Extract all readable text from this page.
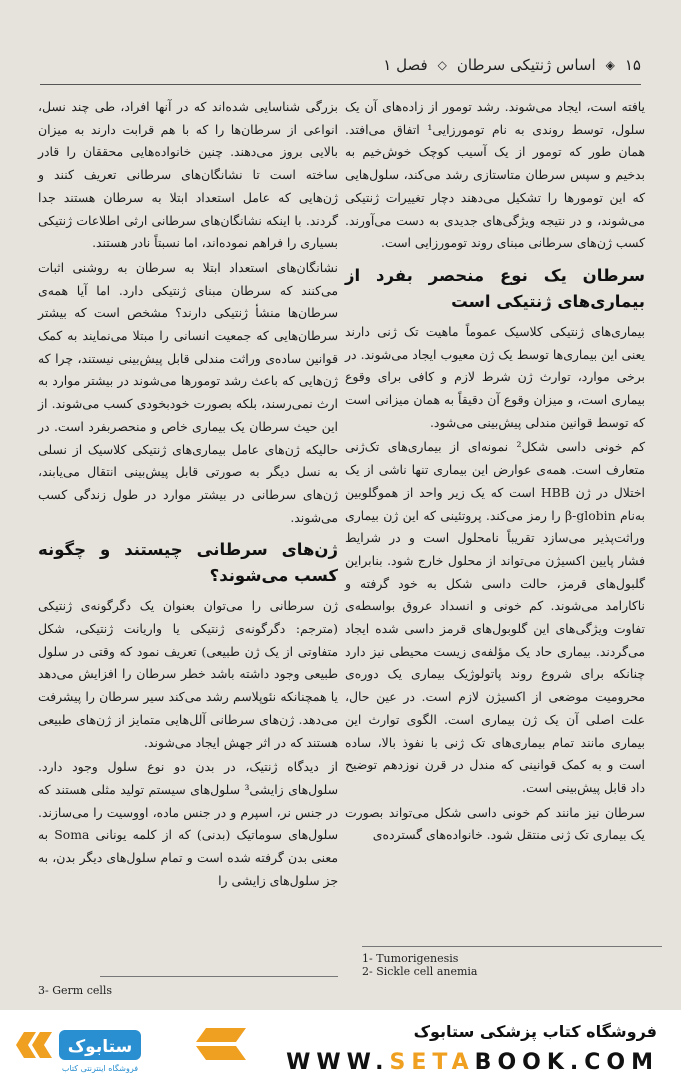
۱۵
◈
اساس ژنتیکی سرطان
◇
فصل ۱

یافته است، ایجاد می‌شوند. رشد تومور از زاده‌های آن یک سلول، توسط روندی به نام تومورزایی¹ اتفاق می‌افتد. همان طور که تومور از یک آسیب کوچک خوش‌خیم به بدخیم و سپس سرطان متاستازی رشد می‌کند، سلول‌هایی که این تومورها را تشکیل می‌دهند دچار تغییرات ژنتیکی می‌شوند، و در نتیجه ویژگی‌های جدیدی به دست می‌آورند. کسب ژن‌های سرطانی مبنای روند تومورزایی است.

سرطان یک نوع منحصر بفرد از بیماری‌های ژنتیکی است

بیماری‌های ژنتیکی کلاسیک عموماً ماهیت تک ژنی دارند یعنی این بیماری‌ها توسط یک ژن معیوب ایجاد می‌شوند. در برخی موارد، توارث ژن شرط لازم و کافی برای وقوع بیماری است، و میزان وقوع آن دقیقاً به همان میزانی است که توسط قوانین مندلی پیش‌بینی می‌شود.

کم خونی داسی شکل² نمونه‌ای از بیماری‌های تک‌ژنی متعارف است. همه‌ی عوارض این بیماری تنها ناشی از یک اختلال در ژن HBB است که یک زیر واحد از هموگلوبین به‌نام β-globin را رمز می‌کند. پروتئینی که این ژن بیماری وراثت‌پذیر می‌سازد تقریباً نامحلول است و در شرایط فشار پایین اکسیژن می‌تواند از محلول خارج شود. بنابراین گلبول‌های قرمز، حالت داسی شکل به خود گرفته و ناکارامد می‌شوند. کم خونی و انسداد عروق بواسطه‌ی تفاوت ویژگی‌های این گلوبول‌های قرمز داسی شده ایجاد می‌گردند. بیماری حاد یک مؤلفه‌ی زیست محیطی نیز دارد چنانکه برای شروع روند پاتولوژیک بیماری یک دوره‌ی محرومیت موضعی از اکسیژن لازم است. در عین حال، علت اصلی آن یک ژن بیماری است. الگوی توارث این بیماری مانند تمام بیماری‌های تک ژنی با نفوذ بالا، ساده است و به کمک قوانینی که مندل در قرن نوزدهم توضیح داد قابل پیش‌بینی است.

سرطان نیز مانند کم خونی داسی شکل می‌تواند بصورت یک بیماری تک ژنی منتقل شود. خانواده‌های گسترده‌ی

بزرگی شناسایی شده‌اند که در آنها افراد، طی چند نسل، انواعی از سرطان‌ها را که با هم قرابت دارند به میزان بالایی بروز می‌دهند. چنین خانواده‌هایی محققان را قادر ساخته است تا نشانگان‌های سرطانی تعریف کنند و ژن‌هایی که عامل استعداد ابتلا به سرطان هستند جدا گردند. با اینکه نشانگان‌های سرطانی ارثی اطلاعات ژنتیکی بسیاری را فراهم نموده‌اند، اما نسبتاً نادر هستند.

نشانگان‌های استعداد ابتلا به سرطان به روشنی اثبات می‌کنند که سرطان مبنای ژنتیکی دارد. اما آیا همه‌ی سرطان‌ها منشأ ژنتیکی دارند؟ مشخص است که بیشتر سرطان‌هایی که جمعیت انسانی را مبتلا می‌نمایند به کمک قوانین ساده‌ی وراثت مندلی قابل پیش‌بینی نیستند، چرا که ژن‌هایی که باعث رشد تومورها می‌شوند در بیشتر موارد به ارث نمی‌رسند، بلکه بصورت خودبخودی کسب می‌شوند. از این حیث سرطان یک بیماری خاص و منحصربفرد است. در حالیکه ژن‌های عامل بیماری‌های ژنتیکی کلاسیک از نسلی به نسل دیگر به صورتی قابل پیش‌بینی انتقال می‌یابند، ژن‌های سرطانی در بیشتر موارد در طول زندگی کسب می‌شوند.

ژن‌های سرطانی چیستند و چگونه کسب می‌شوند؟

ژن سرطانی را می‌توان بعنوان یک دگرگونه‌ی ژنتیکی (مترجم: دگرگونه‌ی ژنتیکی یا واریانت ژنتیکی، شکل متفاوتی از یک ژن طبیعی) تعریف نمود که وقتی در سلول طبیعی وجود داشته باشد خطر سرطان را افزایش می‌دهد یا همچنانکه نئوپلاسم رشد می‌کند سیر سرطان را پیشرفت می‌دهد. ژن‌های سرطانی آلل‌هایی متمایز از ژن‌های طبیعی هستند که در اثر جهش ایجاد می‌شوند.

از دیدگاه ژنتیک، در بدن دو نوع سلول وجود دارد. سلول‌های زایشی³ سلول‌های سیستم تولید مثلی هستند که در جنس نر، اسپرم و در جنس ماده، اووسیت را می‌سازند. سلول‌های سوماتیک (بدنی) که از کلمه یونانی Soma به معنی بدن گرفته شده است و تمام سلول‌های دیگر بدن، به جز سلول‌های زایشی را

1- Tumorigenesis
2- Sickle cell anemia
3- Germ cells
ستابوک
فروشگاه اینترنتی کتاب
فروشگاه کتاب پزشکی ستابوک
WWW.SETABOOK.COM
